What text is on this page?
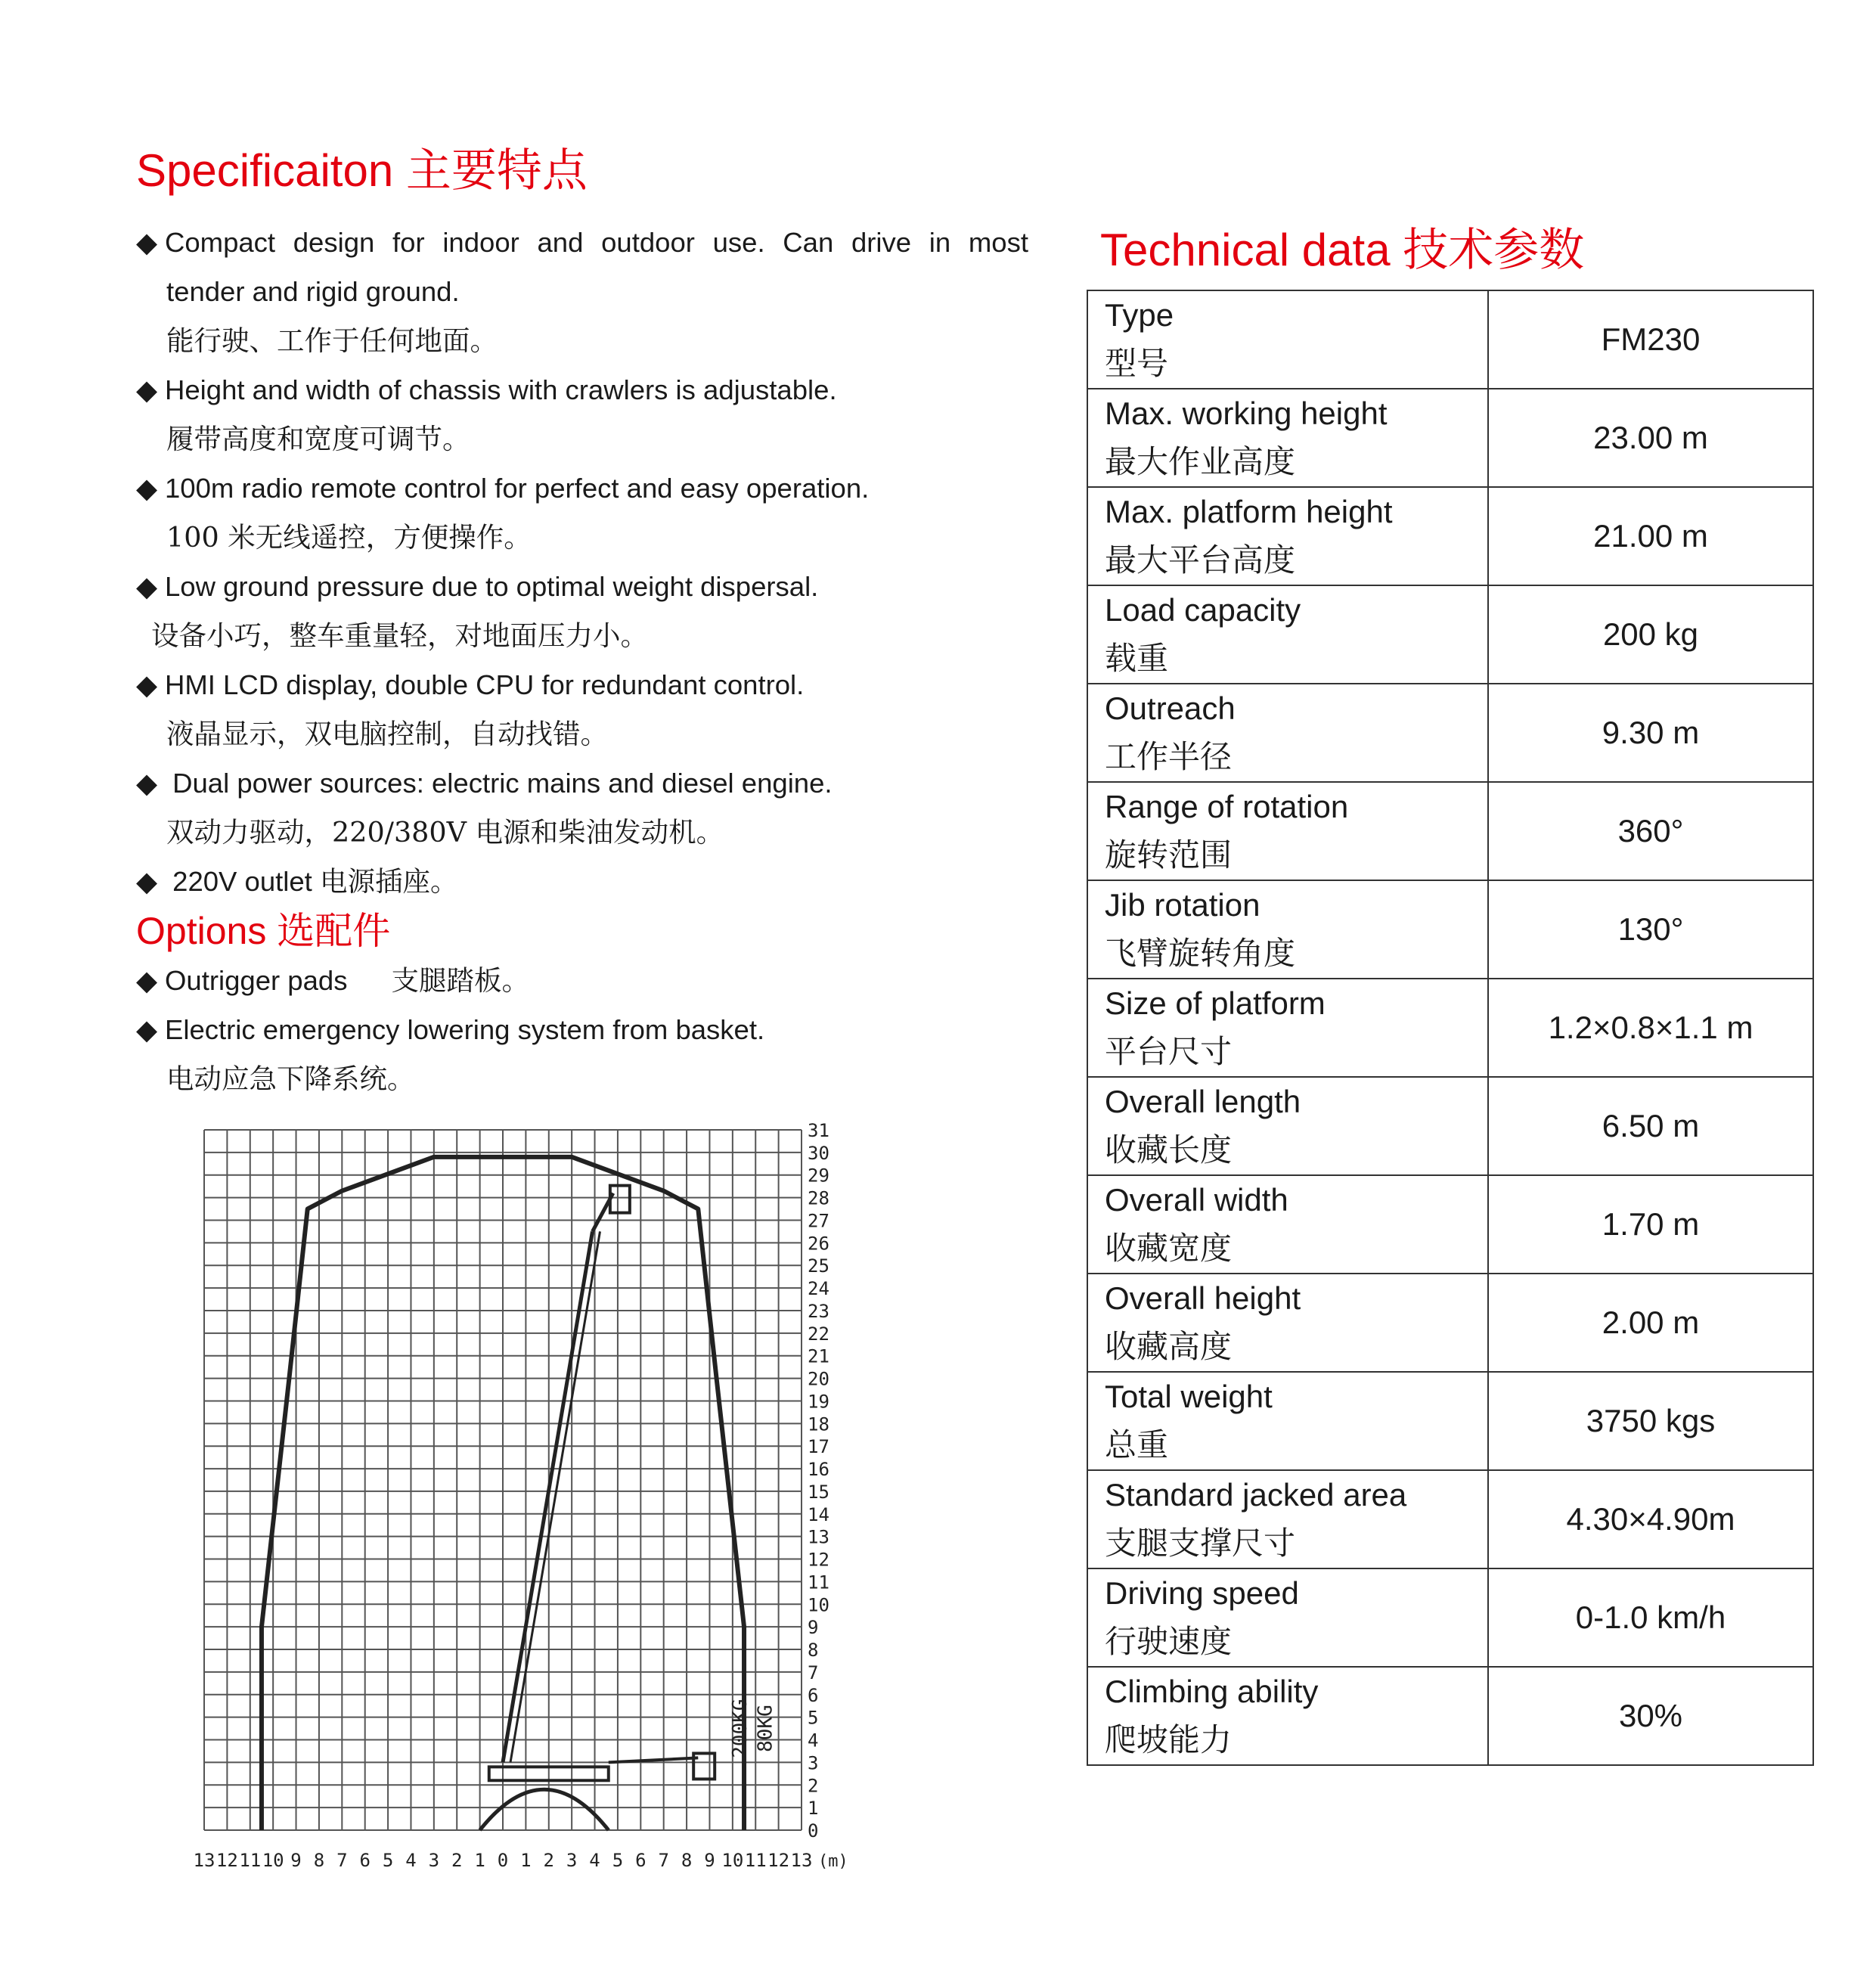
Specificaiton 主要特点
◆ Compact design for indoor and outdoor use. Can drive in most
tender and rigid ground.
能行驶、工作于任何地面。
◆ Height and width of chassis with crawlers is adjustable.
履带高度和宽度可调节。
◆ 100m radio remote control for perfect and easy operation.
100 米无线遥控，方便操作。
◆ Low ground pressure due to optimal weight dispersal.
设备小巧，整车重量轻，对地面压力小。
◆ HMI LCD display, double CPU for redundant control.
液晶显示，双电脑控制，自动找错。
◆ Dual power sources: electric mains and diesel engine.
双动力驱动，220/380V 电源和柴油发动机。
◆ 220V outlet 电源插座。
Options 选配件
◆ Outrigger pads 支腿踏板。
◆ Electric emergency lowering system from basket.
电动应急下降系统。
Technical data 技术参数
Type
型号	FM230

Max. working height
最大作业高度	23.00 m

Max. platform height
最大平台高度	21.00 m

Load capacity
载重	200 kg

Outreach
工作半径	9.30 m

Range of rotation
旋转范围	360°

Jib rotation
飞臂旋转角度	130°

Size of platform
平台尺寸	1.2×0.8×1.1 m

Overall length
收藏长度	6.50 m

Overall width
收藏宽度	1.70 m

Overall height
收藏高度	2.00 m

Total weight
总重	3750 kgs

Standard jacked area
支腿支撑尺寸	4.30×4.90m

Driving speed
行驶速度	0-1.0 km/h

Climbing ability
爬坡能力	30%
0
1
2
3
4
5
6
7
8
9
10
11
12
13
14
15
16
17
18
19
20
21
22
23
24
25
26
27
28
29
30
31
13 12 11 10 9 8 7 6 5 4 3 2 1 0 1 2 3 4 5 6 7 8 9 10 11 12 13 (m)
200KG 80KG
